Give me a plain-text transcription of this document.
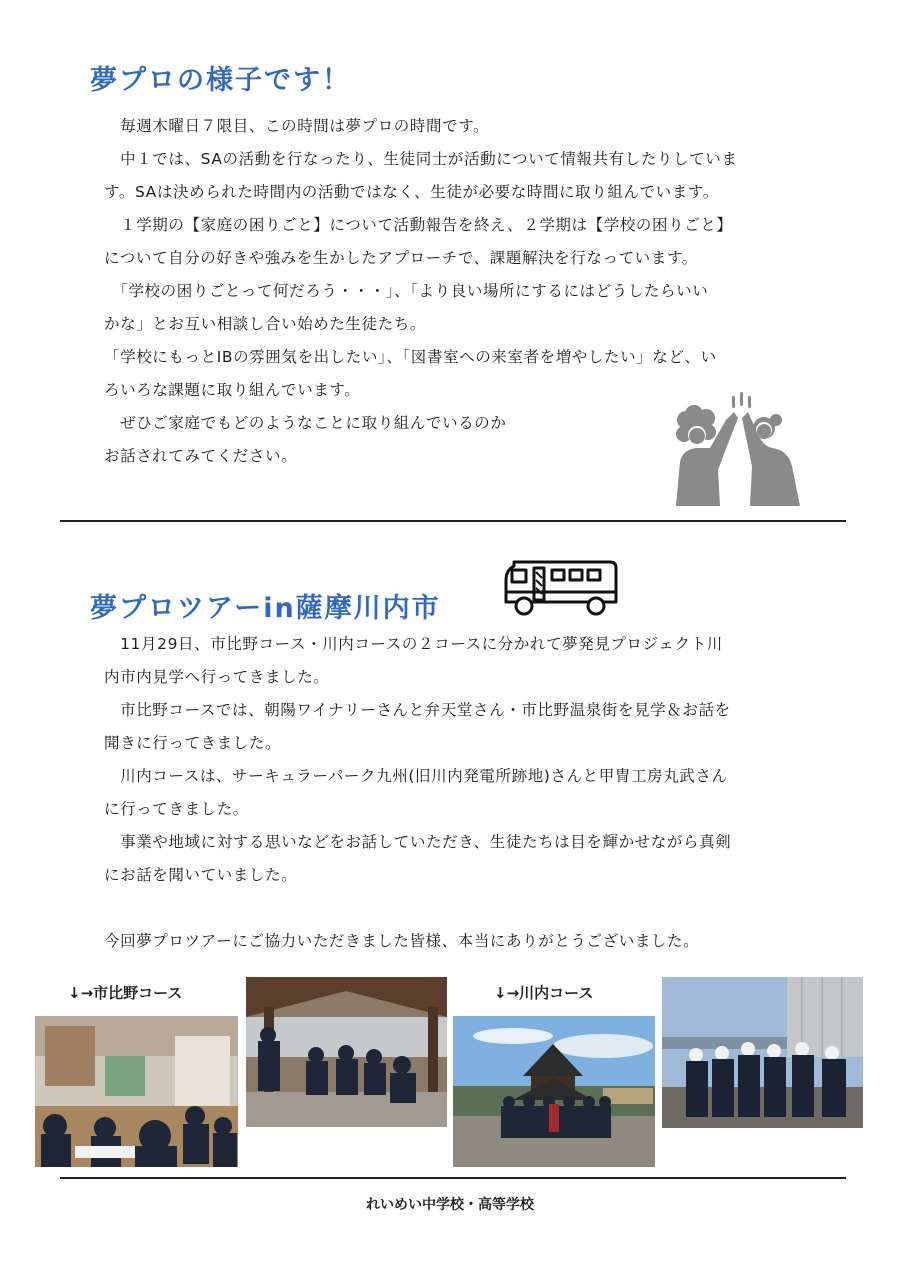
夢プロの様子です！
　毎週木曜日７限目、この時間は夢プロの時間です。
　中１では、SAの活動を行なったり、生徒同士が活動について情報共有したりしていま
す。SAは決められた時間内の活動ではなく、生徒が必要な時間に取り組んでいます。
　１学期の【家庭の困りごと】について活動報告を終え、２学期は【学校の困りごと】
について自分の好きや強みを生かしたアプローチで、課題解決を行なっています。
　「学校の困りごとって何だろう・・・」、「より良い場所にするにはどうしたらいい
かな」とお互い相談し合い始めた生徒たち。
「学校にもっとIBの雰囲気を出したい」、「図書室への来室者を増やしたい」など、い
ろいろな課題に取り組んでいます。
　ぜひご家庭でもどのようなことに取り組んでいるのか
お話されてみてください。
夢プロツアーin薩摩川内市
　11月29日、市比野コース・川内コースの２コースに分かれて夢発見プロジェクト川
内市内見学へ行ってきました。
　市比野コースでは、朝陽ワイナリーさんと弁天堂さん・市比野温泉街を見学＆お話を
聞きに行ってきました。
　川内コースは、サーキュラーパーク九州(旧川内発電所跡地)さんと甲冑工房丸武さん
に行ってきました。
　事業や地域に対する思いなどをお話していただき、生徒たちは目を輝かせながら真剣
にお話を聞いていました。
今回夢プロツアーにご協力いただきました皆様、本当にありがとうございました。
↓→市比野コース	↓→川内コース
れいめい中学校・高等学校
